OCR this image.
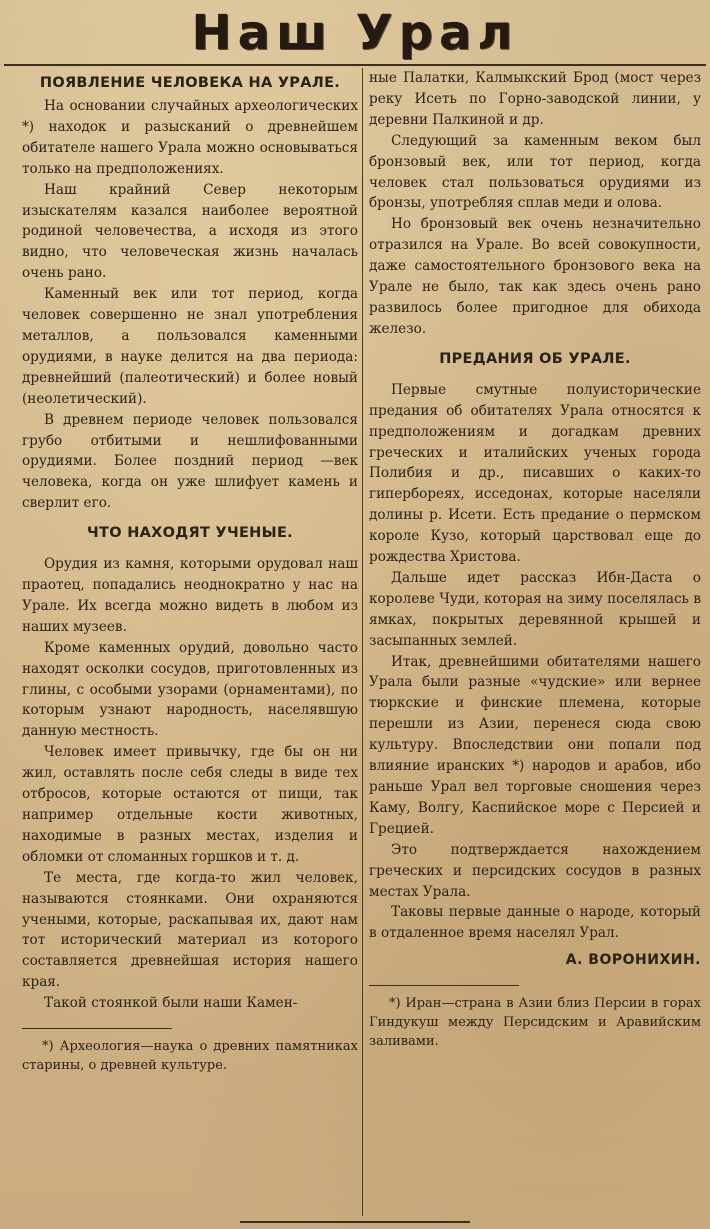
Наш Урал
ПОЯВЛЕНИЕ ЧЕЛОВЕКА НА УРАЛЕ.

На основании случайных археологических *) находок и разысканий о древнейшем обитателе нашего Урала можно основываться только на предположениях.

Наш крайний Север некоторым изыскателям казался наиболее вероятной родиной человечества, а исходя из этого видно, что человеческая жизнь началась очень рано.

Каменный век или тот период, когда человек совершенно не знал употребления металлов, а пользовался каменными орудиями, в науке делится на два периода: древнейший (палеотический) и более новый (неолетический).

В древнем периоде человек пользовался грубо отбитыми и нешлифованными орудиями. Более поздний период —век человека, когда он уже шлифует камень и сверлит его.

ЧТО НАХОДЯТ УЧЕНЫЕ.

Орудия из камня, которыми орудовал наш праотец, попадались неоднократно у нас на Урале. Их всегда можно видеть в любом из наших музеев.

Кроме каменных орудий, довольно часто находят осколки сосудов, приготовленных из глины, с особыми узорами (орнаментами), по которым узнают народность, населявшую данную местность.

Человек имеет привычку, где бы он ни жил, оставлять после себя следы в виде тех отбросов, которые остаются от пищи, так например отдельные кости животных, находимые в разных местах, изделия и обломки от сломанных горшков и т. д.

Те места, где когда-то жил человек, называются стоянками. Они охраняются учеными, которые, раскапывая их, дают нам тот исторический материал из которого составляется древнейшая история нашего края.

Такой стоянкой были наши Камен-

*) Археология—наука о древних памятниках старины, о древней культуре.

ные Палатки, Калмыкский Брод (мост через реку Исеть по Горно-заводской линии, у деревни Палкиной и др.

Следующий за каменным веком был бронзовый век, или тот период, когда человек стал пользоваться орудиями из бронзы, употребляя сплав меди и олова.

Но бронзовый век очень незначительно отразился на Урале. Во всей совокупности, даже самостоятельного бронзового века на Урале не было, так как здесь очень рано развилось более пригодное для обихода железо.

ПРЕДАНИЯ ОБ УРАЛЕ.

Первые смутные полуисторические предания об обитателях Урала относятся к предположениям и догадкам древних греческих и италийских ученых города Полибия и др., писавших о каких-то гипербореях, исседонах, которые населяли долины р. Исети. Есть предание о пермском короле Кузо, который царствовал еще до рождества Христова.

Дальше идет рассказ Ибн-Даста о королеве Чуди, которая на зиму поселялась в ямках, покрытых деревянной крышей и засыпанных землей.

Итак, древнейшими обитателями нашего Урала были разные «чудские» или вернее тюркские и финские племена, которые перешли из Азии, перенеся сюда свою культуру. Впоследствии они попали под влияние иранских *) народов и арабов, ибо раньше Урал вел торговые сношения через Каму, Волгу, Каспийское море с Персией и Грецией.

Это подтверждается нахождением греческих и персидских сосудов в разных местах Урала.

Таковы первые данные о народе, который в отдаленное время населял Урал.

А. ВОРОНИХИН.

*) Иран—страна в Азии близ Персии в горах Гиндукуш между Персидским и Аравийским заливами.
